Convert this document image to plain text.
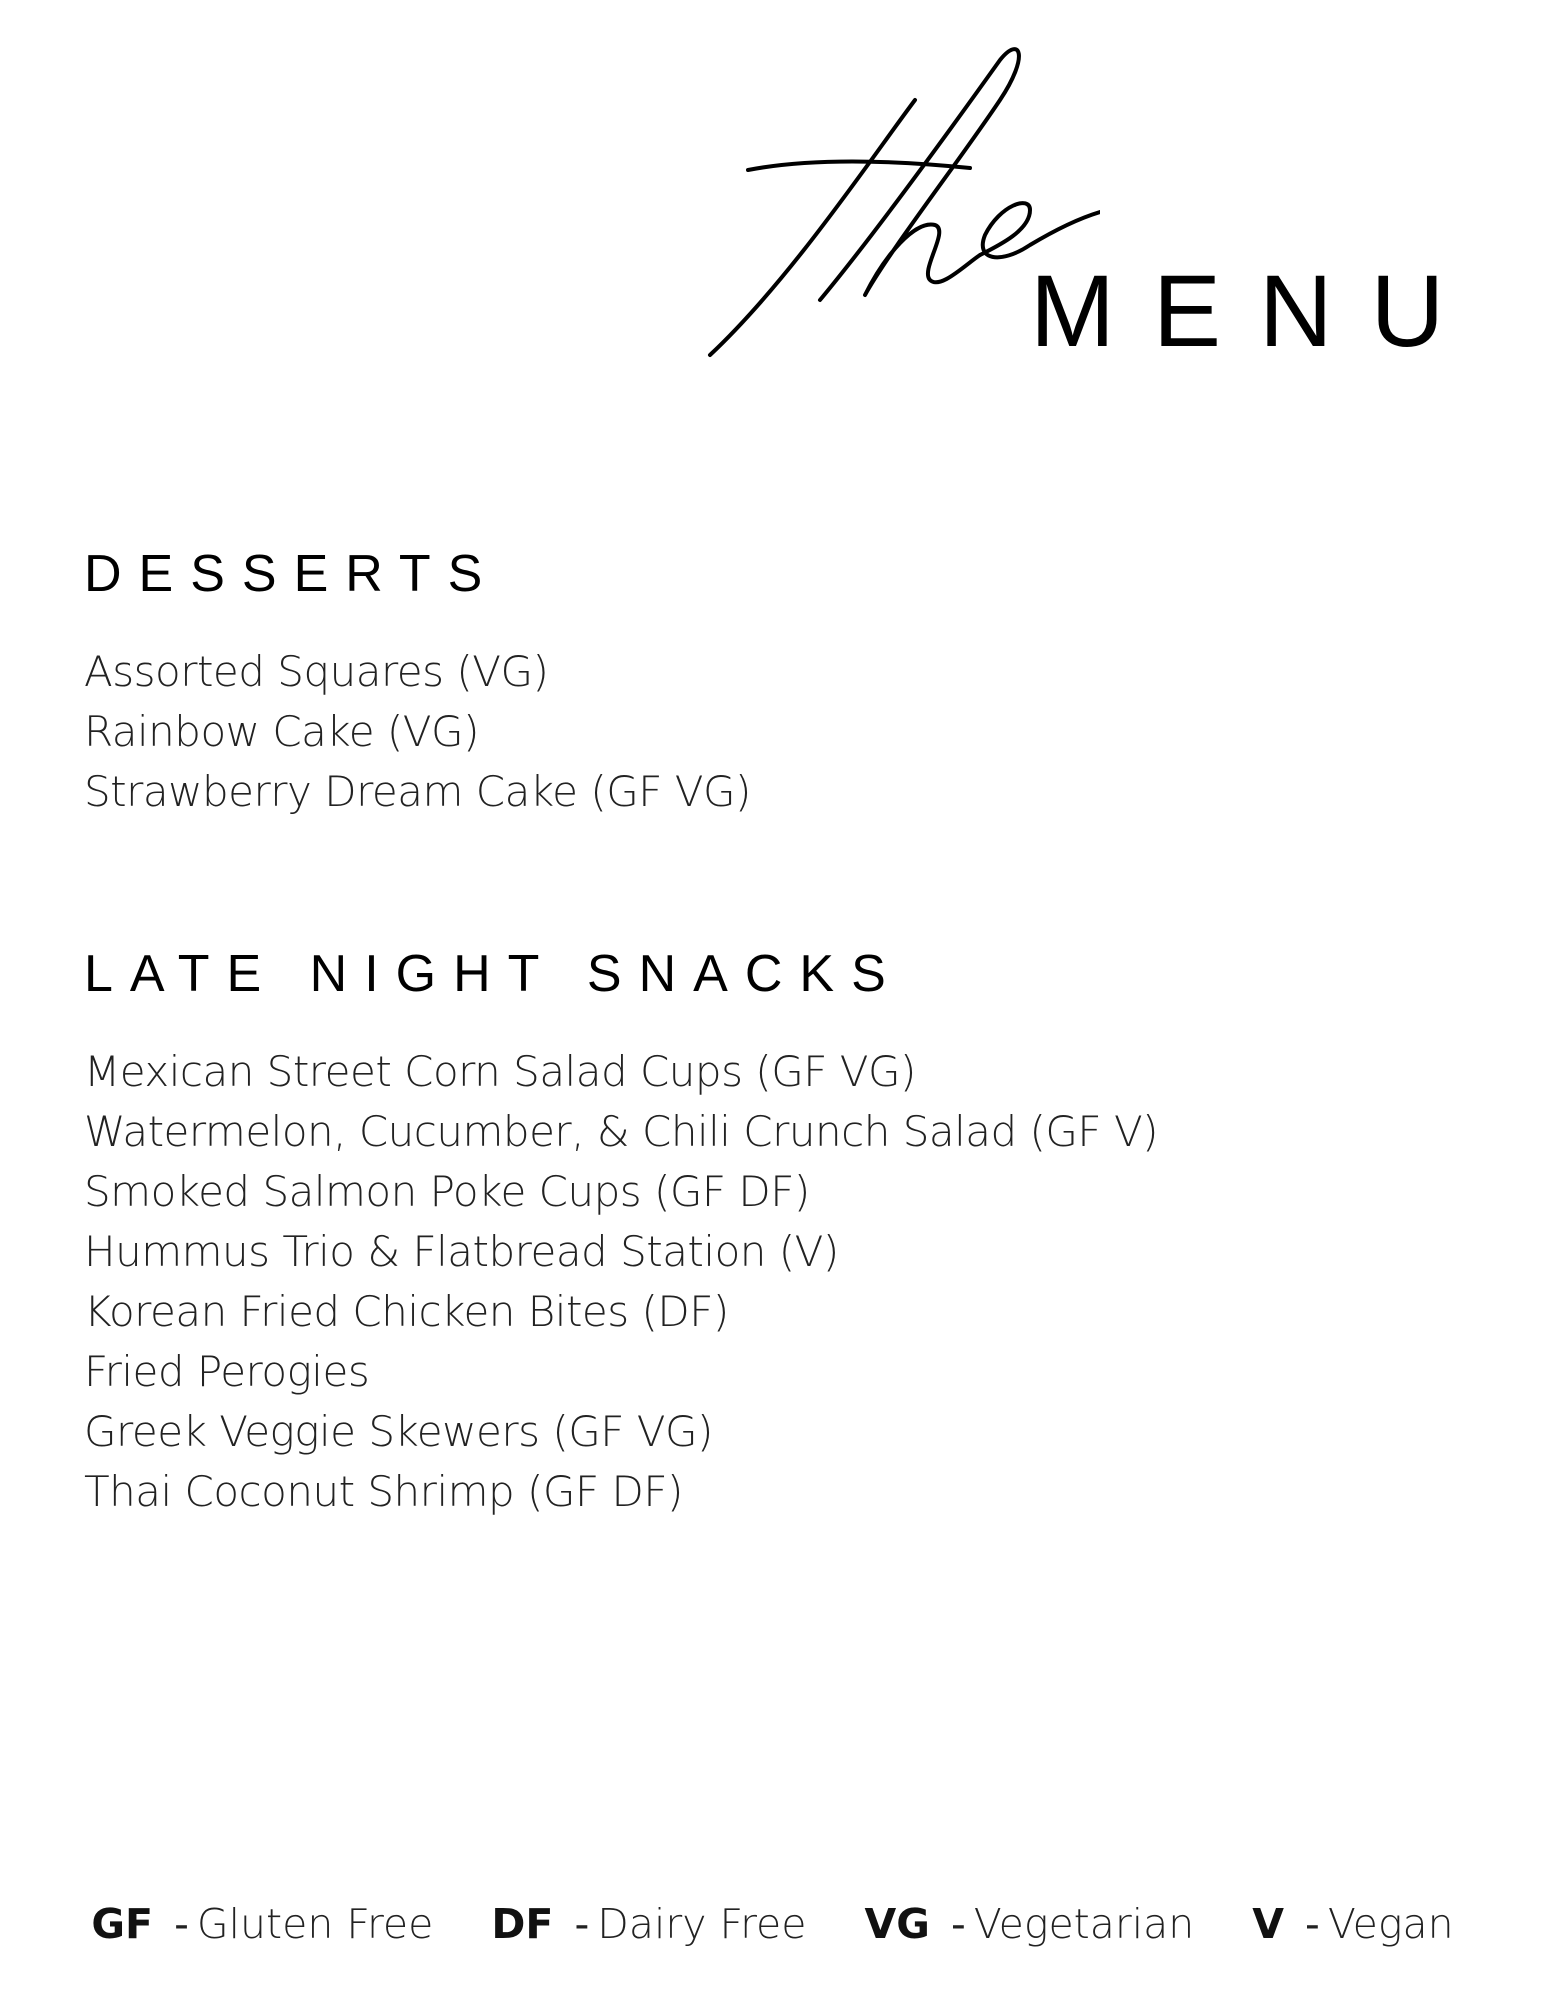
MENU
DESSERTS
Assorted Squares (VG)
Rainbow Cake (VG)
Strawberry Dream Cake (GF VG)
LATE NIGHT SNACKS
Mexican Street Corn Salad Cups (GF VG)
Watermelon, Cucumber, & Chili Crunch Salad (GF V)
Smoked Salmon Poke Cups (GF DF)
Hummus Trio & Flatbread Station (V)
Korean Fried Chicken Bites (DF)
Fried Perogies
Greek Veggie Skewers (GF VG)
Thai Coconut Shrimp (GF DF)
GF - Gluten Free DF - Dairy Free VG - Vegetarian V - Vegan
